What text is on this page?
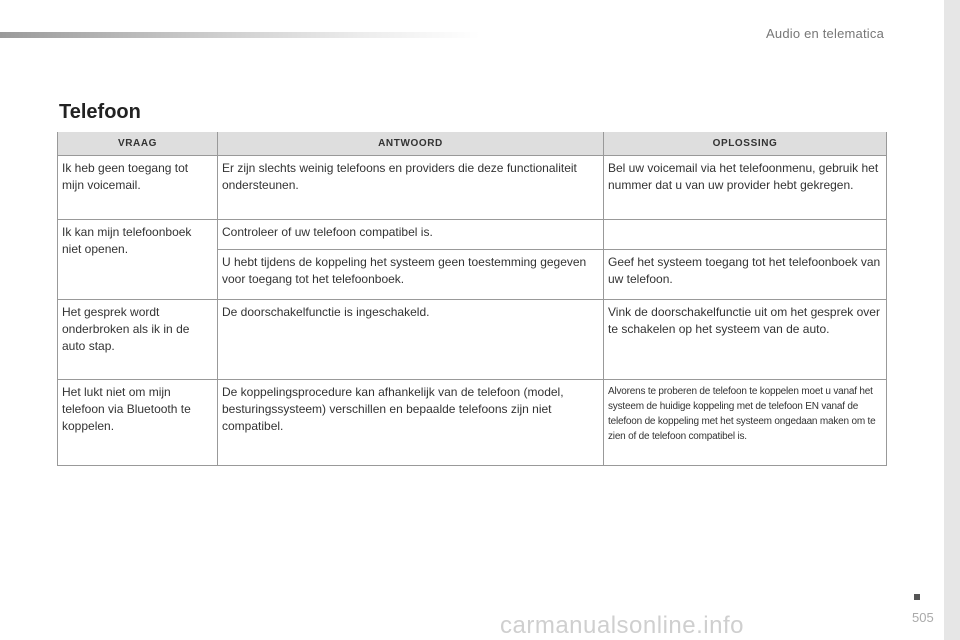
Audio en telematica
Telefoon
VRAAG	ANTWOORD	OPLOSSING
Ik heb geen toegang tot mijn voicemail.	Er zijn slechts weinig telefoons en providers die deze functionaliteit ondersteunen.	Bel uw voicemail via het telefoonmenu, gebruik het nummer dat u van uw provider hebt gekregen.
Ik kan mijn telefoonboek niet openen.	Controleer of uw telefoon compatibel is.	
	U hebt tijdens de koppeling het systeem geen toestemming gegeven voor toegang tot het telefoonboek.	Geef het systeem toegang tot het telefoonboek van uw telefoon.
Het gesprek wordt onderbroken als ik in de auto stap.	De doorschakelfunctie is ingeschakeld.	Vink de doorschakelfunctie uit om het gesprek over te schakelen op het systeem van de auto.
Het lukt niet om mijn telefoon via Bluetooth te koppelen.	De koppelingsprocedure kan afhankelijk van de telefoon (model, besturingssysteem) verschillen en bepaalde telefoons zijn niet compatibel.	Alvorens te proberen de telefoon te koppelen moet u vanaf het systeem de huidige koppeling met de telefoon EN vanaf de telefoon de koppeling met het systeem ongedaan maken om te zien of de telefoon compatibel is.
505
carmanualsonline.info
